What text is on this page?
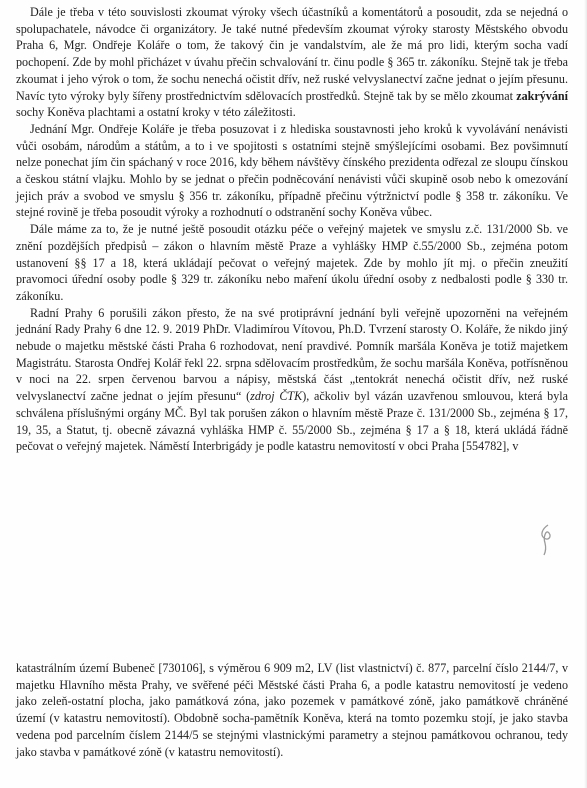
Dále je třeba v této souvislosti zkoumat výroky všech účastníků a komentátorů a posoudit, zda se nejedná o spolupachatele, návodce či organizátory. Je také nutné především zkoumat výroky starosty Městského obvodu Praha 6, Mgr. Ondřeje Koláře o tom, že takový čin je vandalstvím, ale že má pro lidi, kterým socha vadí pochopení. Zde by mohl přicházet v úvahu přečin schvalování tr. činu podle § 365 tr. zákoníku. Stejně tak je třeba zkoumat i jeho výrok o tom, že sochu nenechá očistit dřív, než ruské velvyslanectví začne jednat o jejím přesunu. Navíc tyto výroky byly šířeny prostřednictvím sdělovacích prostředků. Stejně tak by se mělo zkoumat zakrývání sochy Koněva plachtami a ostatní kroky v této záležitosti.

Jednání Mgr. Ondřeje Koláře je třeba posuzovat i z hlediska soustavnosti jeho kroků k vyvolávání nenávisti vůči osobám, národům a státům, a to i ve spojitosti s ostatními stejně smýšlejícími osobami. Bez povšimnutí nelze ponechat jím čin spáchaný v roce 2016, kdy během návštěvy čínského prezidenta odřezal ze sloupu čínskou a českou státní vlajku. Mohlo by se jednat o přečin podněcování nenávisti vůči skupině osob nebo k omezování jejich práv a svobod ve smyslu § 356 tr. zákoníku, případně přečinu výtržnictví podle § 358 tr. zákoníku. Ve stejné rovině je třeba posoudit výroky a rozhodnutí o odstranění sochy Koněva vůbec.

Dále máme za to, že je nutné ještě posoudit otázku péče o veřejný majetek ve smyslu z.č. 131/2000 Sb. ve znění pozdějších předpisů – zákon o hlavním městě Praze a vyhlášky HMP č.55/2000 Sb., zejména potom ustanovení §§ 17 a 18, která ukládají pečovat o veřejný majetek. Zde by mohlo jít mj. o přečin zneužití pravomoci úřední osoby podle § 329 tr. zákoníku nebo maření úkolu úřední osoby z nedbalosti podle § 330 tr. zákoníku.

Radní Prahy 6 porušili zákon přesto, že na své protiprávní jednání byli veřejně upozorněni na veřejném jednání Rady Prahy 6 dne 12. 9. 2019 PhDr. Vladimírou Vítovou, Ph.D. Tvrzení starosty O. Koláře, že nikdo jiný nebude o majetku městské části Praha 6 rozhodovat, není pravdivé. Pomník maršála Koněva je totiž majetkem Magistrátu. Starosta Ondřej Kolář řekl 22. srpna sdělovacím prostředkům, že sochu maršála Koněva, potřísněnou v noci na 22. srpen červenou barvou a nápisy, městská část „tentokrát nenechá očistit dřív, než ruské velvyslanectví začne jednat o jejím přesunu“ (zdroj ČTK), ačkoliv byl vázán uzavřenou smlouvou, která byla schválena příslušnými orgány MČ. Byl tak porušen zákon o hlavním městě Praze č. 131/2000 Sb., zejména § 17, 19, 35, a Statut, tj. obecně závazná vyhláška HMP č. 55/2000 Sb., zejména § 17 a § 18, která ukládá řádně pečovat o veřejný majetek. Náměstí Interbrigády je podle katastru nemovitostí v obci Praha [554782], v

katastrálním území Bubeneč [730106], s výměrou 6 909 m2, LV (list vlastnictví) č. 877, parcelní číslo 2144/7, v majetku Hlavního města Prahy, ve svěřené péči Městské části Praha 6, a podle katastru nemovitostí je vedeno jako zeleň-ostatní plocha, jako památková zóna, jako pozemek v památkové zóně, jako památkově chráněné území (v katastru nemovitostí). Obdobně socha-pamětník Koněva, která na tomto pozemku stojí, je jako stavba vedena pod parcelním číslem 2144/5 se stejnými vlastnickými parametry a stejnou památkovou ochranou, tedy jako stavba v památkové zóně (v katastru nemovitostí).
